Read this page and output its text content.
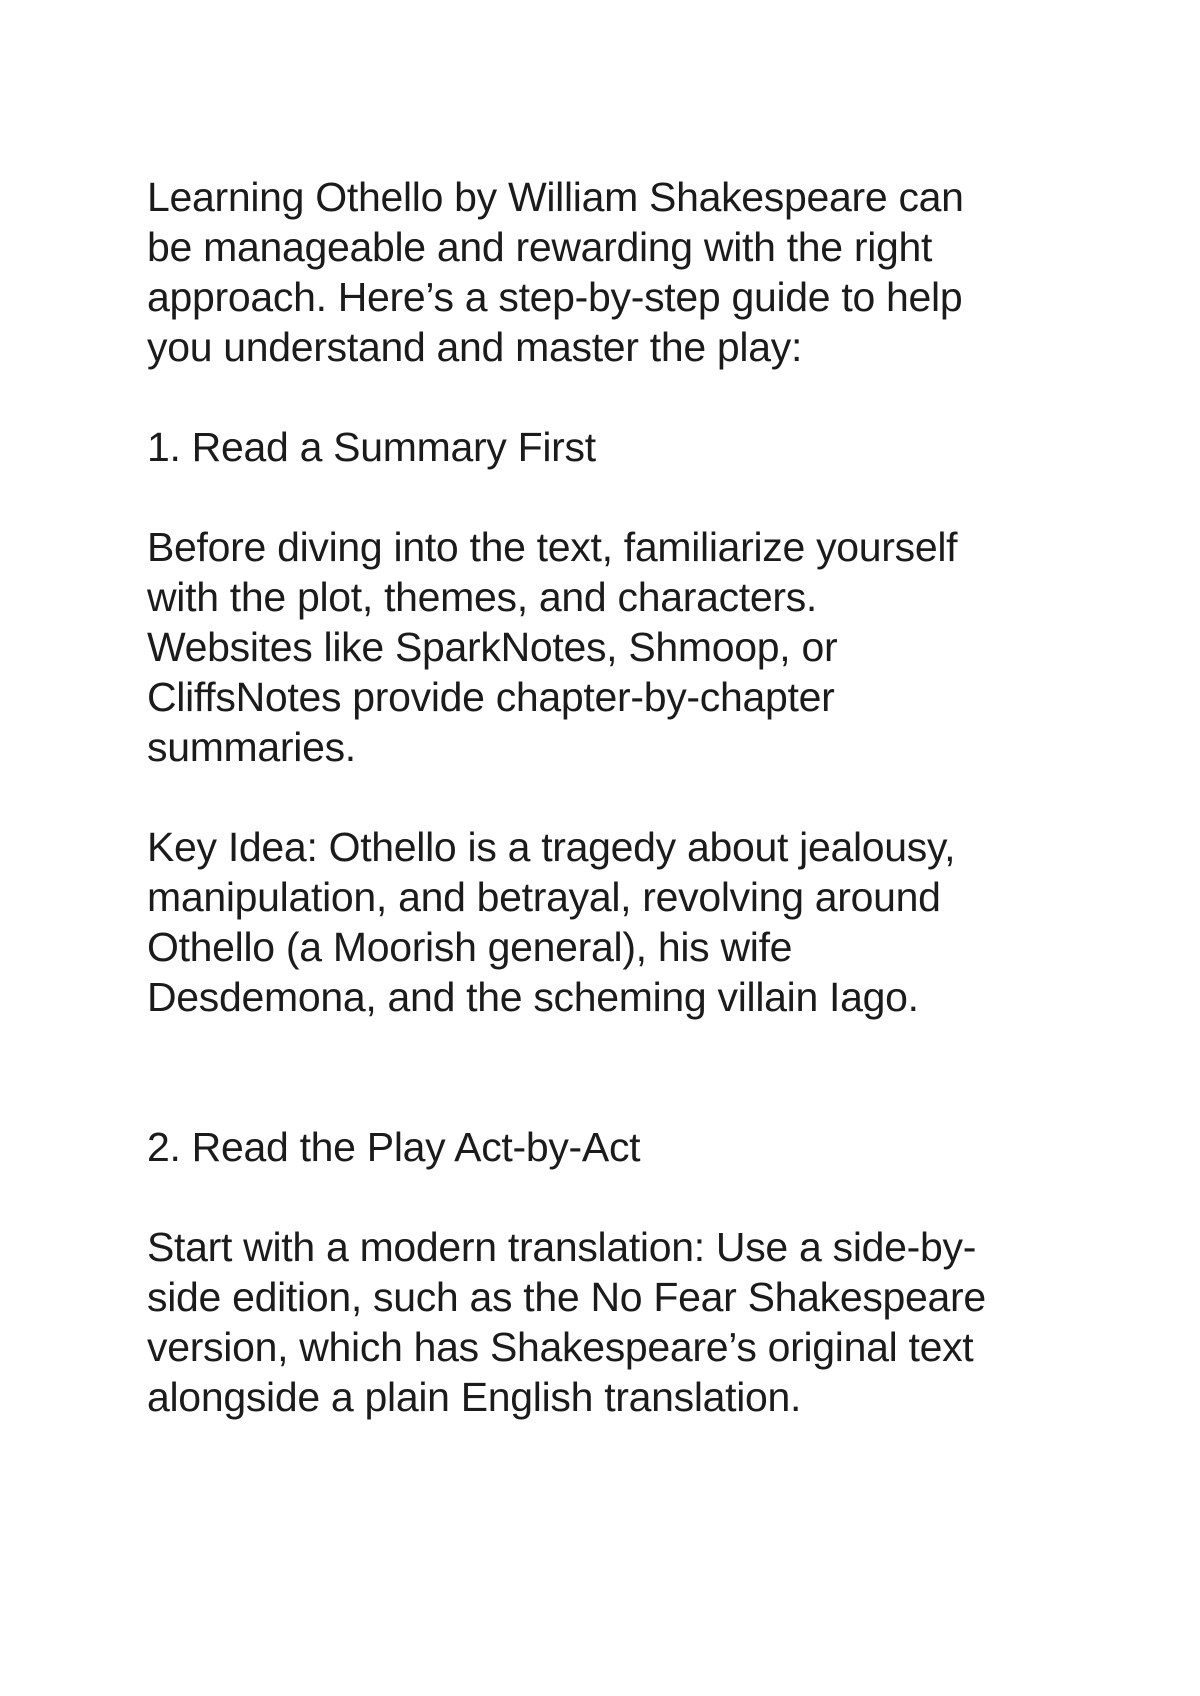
Learning Othello by William Shakespeare can
be manageable and rewarding with the right
approach. Here’s a step-by-step guide to help
you understand and master the play:

1. Read a Summary First

Before diving into the text, familiarize yourself
with the plot, themes, and characters.
Websites like SparkNotes, Shmoop, or
CliffsNotes provide chapter-by-chapter
summaries.

Key Idea: Othello is a tragedy about jealousy,
manipulation, and betrayal, revolving around
Othello (a Moorish general), his wife
Desdemona, and the scheming villain Iago.

2. Read the Play Act-by-Act

Start with a modern translation: Use a side-by-
side edition, such as the No Fear Shakespeare
version, which has Shakespeare’s original text
alongside a plain English translation.
